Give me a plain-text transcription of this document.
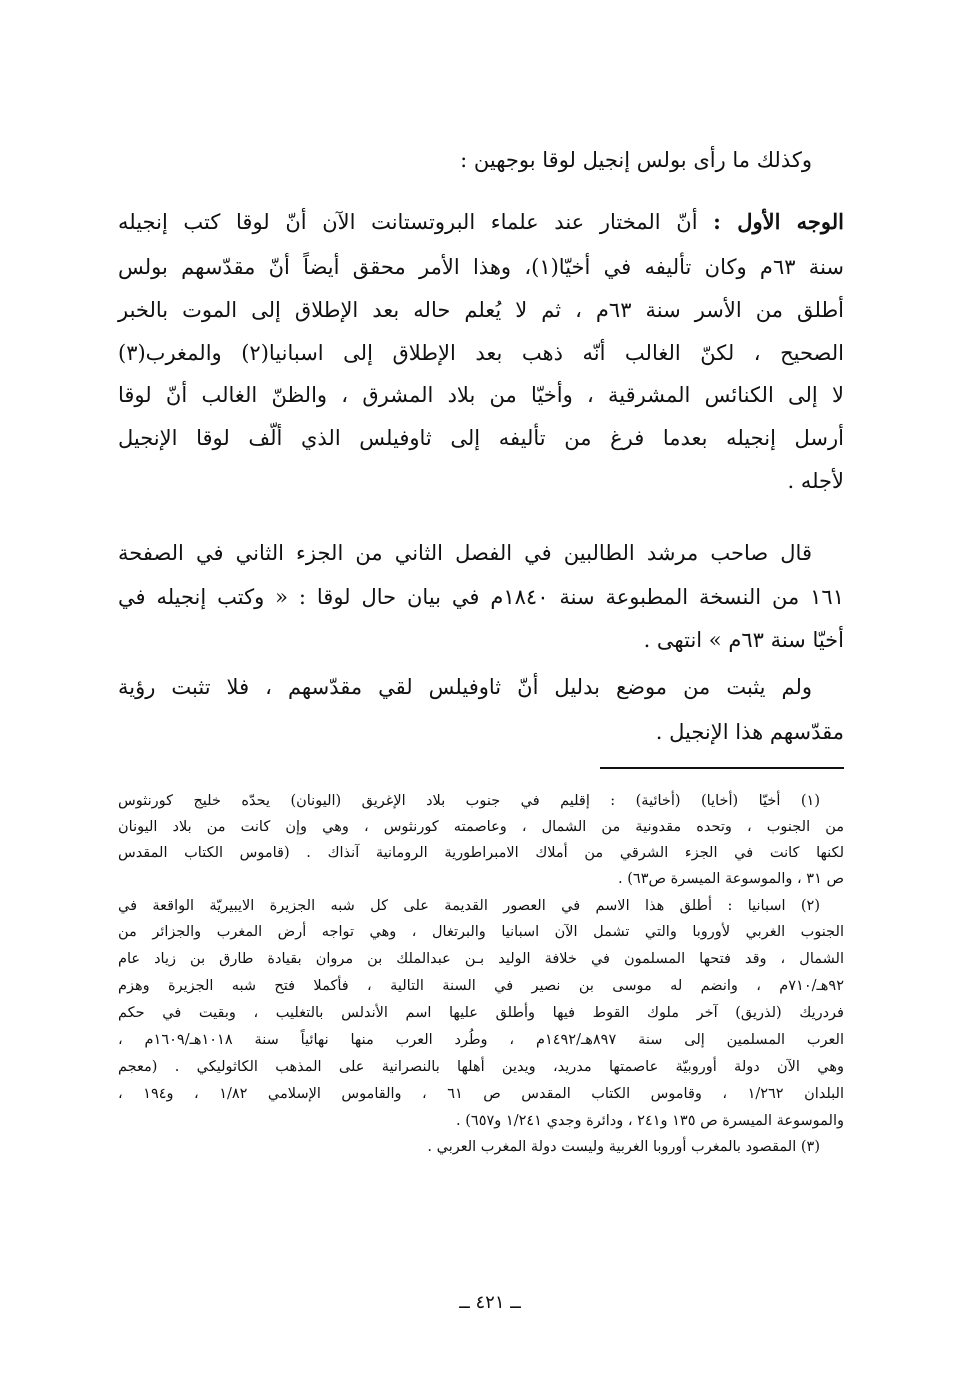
وكذلك ما رأى بولس إنجيل لوقا بوجهين :
الوجه الأول : أنّ المختار عند علماء البروتستانت الآن أنّ لوقا كتب إنجيله
سنة ٦٣م وكان تأليفه في أخيّا(١)، وهذا الأمر محقق أيضاً أنّ مقدّسهم بولس
أطلق من الأسر سنة ٦٣م ، ثم لا يُعلم حاله بعد الإطلاق إلى الموت بالخبر
الصحيح ، لكنّ الغالب أنّه ذهب بعد الإطلاق إلى اسبانيا(٢) والمغرب(٣)
لا إلى الكنائس المشرقية ، وأخيّا من بلاد المشرق ، والظنّ الغالب أنّ لوقا
أرسل إنجيله بعدما فرغ من تأليفه إلى ثاوفيلس الذي ألّف لوقا الإنجيل
لأجله .
قال صاحب مرشد الطالبين في الفصل الثاني من الجزء الثاني في الصفحة
١٦١ من النسخة المطبوعة سنة ١٨٤٠م في بيان حال لوقا : « وكتب إنجيله في
أخيّا سنة ٦٣م » انتهى .
ولم يثبت من موضع بدليل أنّ ثاوفيلس لقي مقدّسهم ، فلا تثبت رؤية
مقدّسهم هذا الإنجيل .
(١) أخيّا (أخايا) (أخائية) : إقليم في جنوب بلاد الإغريق (اليونان) يحدّه خليج كورنثوس
من الجنوب ، وتحده مقدونية من الشمال ، وعاصمته كورنثوس ، وهي وإن كانت من بلاد اليونان
لكنها كانت في الجزء الشرقي من أملاك الامبراطورية الرومانية آنذاك . (قاموس الكتاب المقدس
ص ٣١ ، والموسوعة الميسرة ص٦٣) .
(٢) اسبانيا : أطلق هذا الاسم في العصور القديمة على كل شبه الجزيرة الايبيريّة الواقعة في
الجنوب الغربي لأوروبا والتي تشمل الآن اسبانيا والبرتغال ، وهي تواجه أرض المغرب والجزائر من
الشمال ، وقد فتحها المسلمون في خلافة الوليد بـن عبدالملك بن مروان بقيادة طارق بن زياد عام
٩٢هـ/٧١٠م ، وانضم له موسى بن نصير في السنة التالية ، فأكملا فتح شبه الجزيرة وهزم
فردريك (لذريق) آخر ملوك القوط فيها وأطلق عليها اسم الأندلس بالتغليب ، وبقيت في حكم
العرب المسلمين إلى سنة ٨٩٧هـ/١٤٩٢م ، وطُرد العرب منها نهائياً سنة ١٠١٨هـ/١٦٠٩م ،
وهي الآن دولة أوروبيّة عاصمتها مدريد، ويدين أهلها بالنصرانية على المذهب الكاثوليكي . (معجم
البلدان ١/٢٦٢ ، وقاموس الكتاب المقدس ص ٦١ ، والقاموس الإسلامي ١/٨٢ ، و١٩٤ ،
والموسوعة الميسرة ص ١٣٥ و٢٤١ ، ودائرة وجدي ١/٢٤١ و٦٥٧) .
(٣) المقصود بالمغرب أوروبا الغربية وليست دولة المغرب العربي .
ــ ٤٢١ ــ
